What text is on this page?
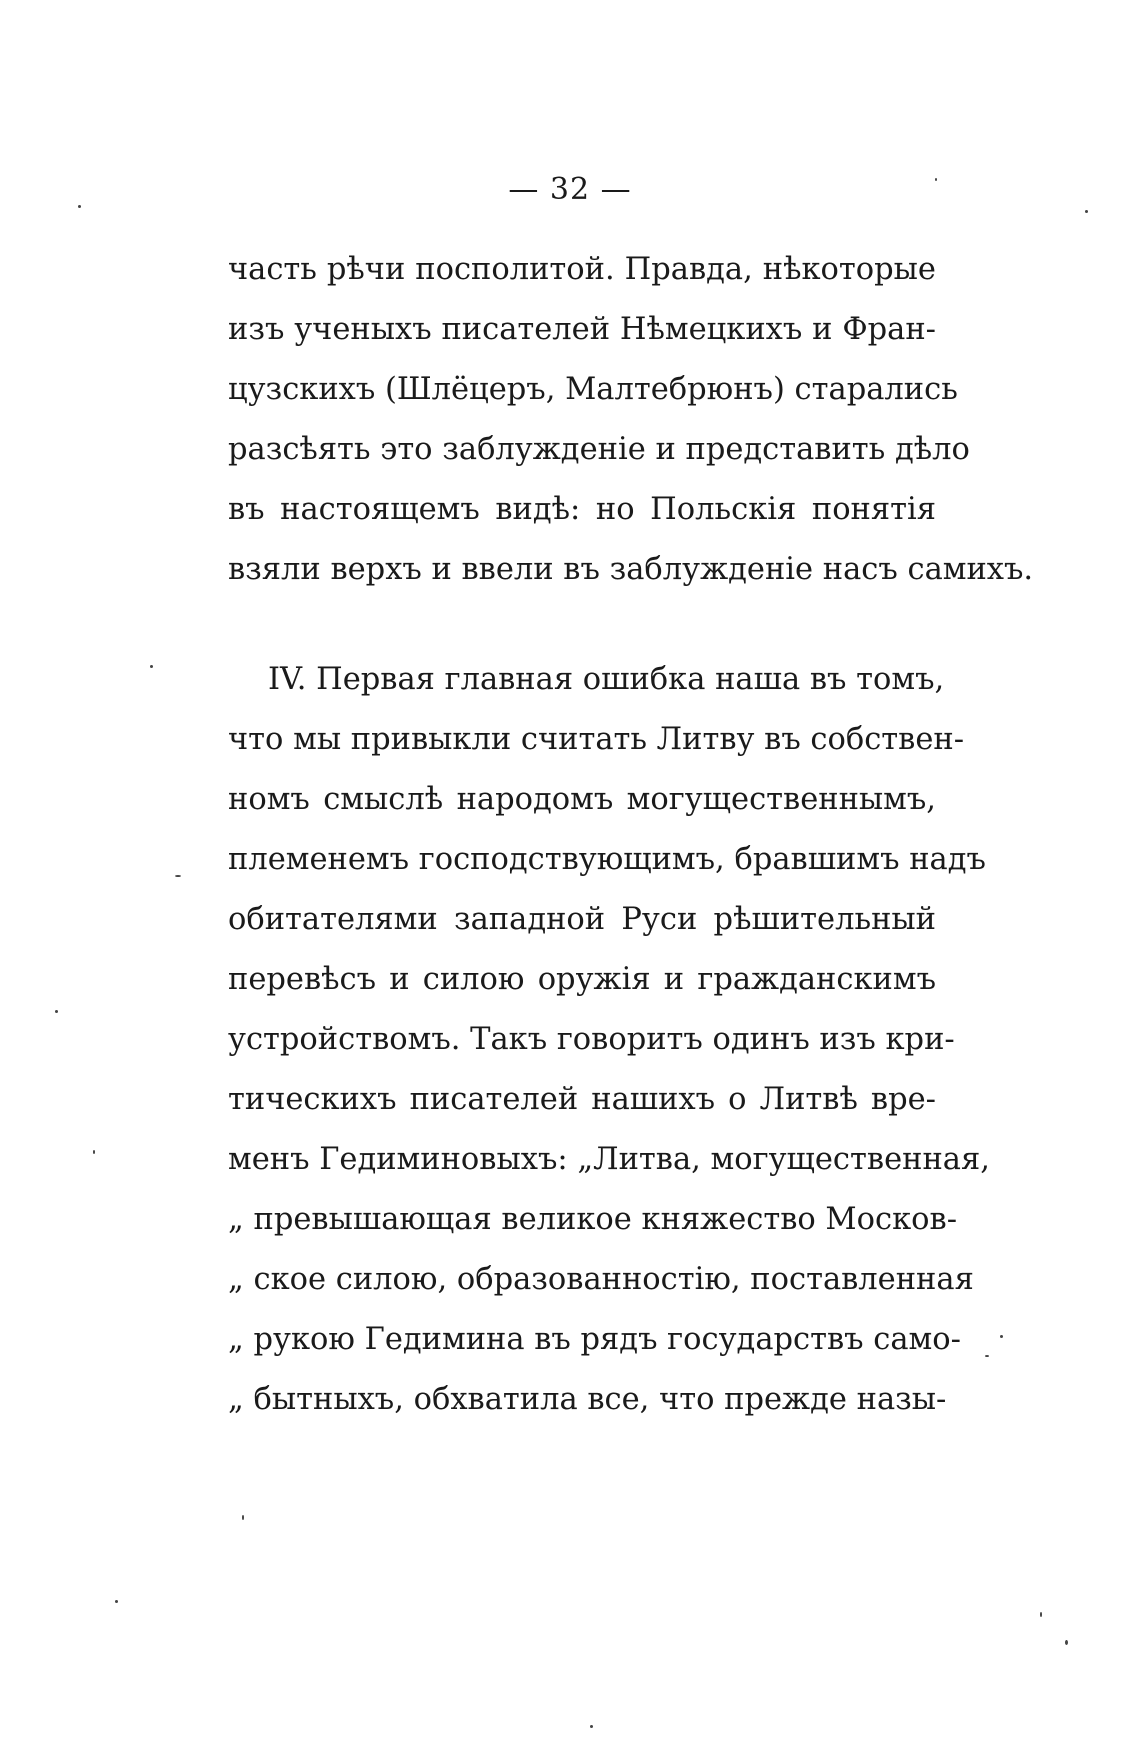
— 32 —
часть рѣчи посполитой. Правда, нѣкоторые
изъ ученыхъ писателей Нѣмецкихъ и Фран-
цузскихъ (Шлёцеръ, Малтебрюнъ) старались
разсѣять это заблужденіе и представить дѣло
въ настоящемъ видѣ: но Польскія понятія
взяли верхъ и ввели въ заблужденіе насъ самихъ.
IV. Первая главная ошибка наша въ томъ,
что мы привыкли считать Литву въ собствен-
номъ смыслѣ народомъ могущественнымъ,
племенемъ господствующимъ, бравшимъ надъ
обитателями западной Руси рѣшительный
перевѣсъ и силою оружія и гражданскимъ
устройствомъ. Такъ говоритъ одинъ изъ кри-
тическихъ писателей нашихъ о Литвѣ вре-
менъ Гедиминовыхъ: „Литва, могущественная,
„ превышающая великое княжество Москов-
„ ское силою, образованностію, поставленная
„ рукою Гедимина въ рядъ государствъ само-
„ бытныхъ, обхватила все, что прежде назы-
